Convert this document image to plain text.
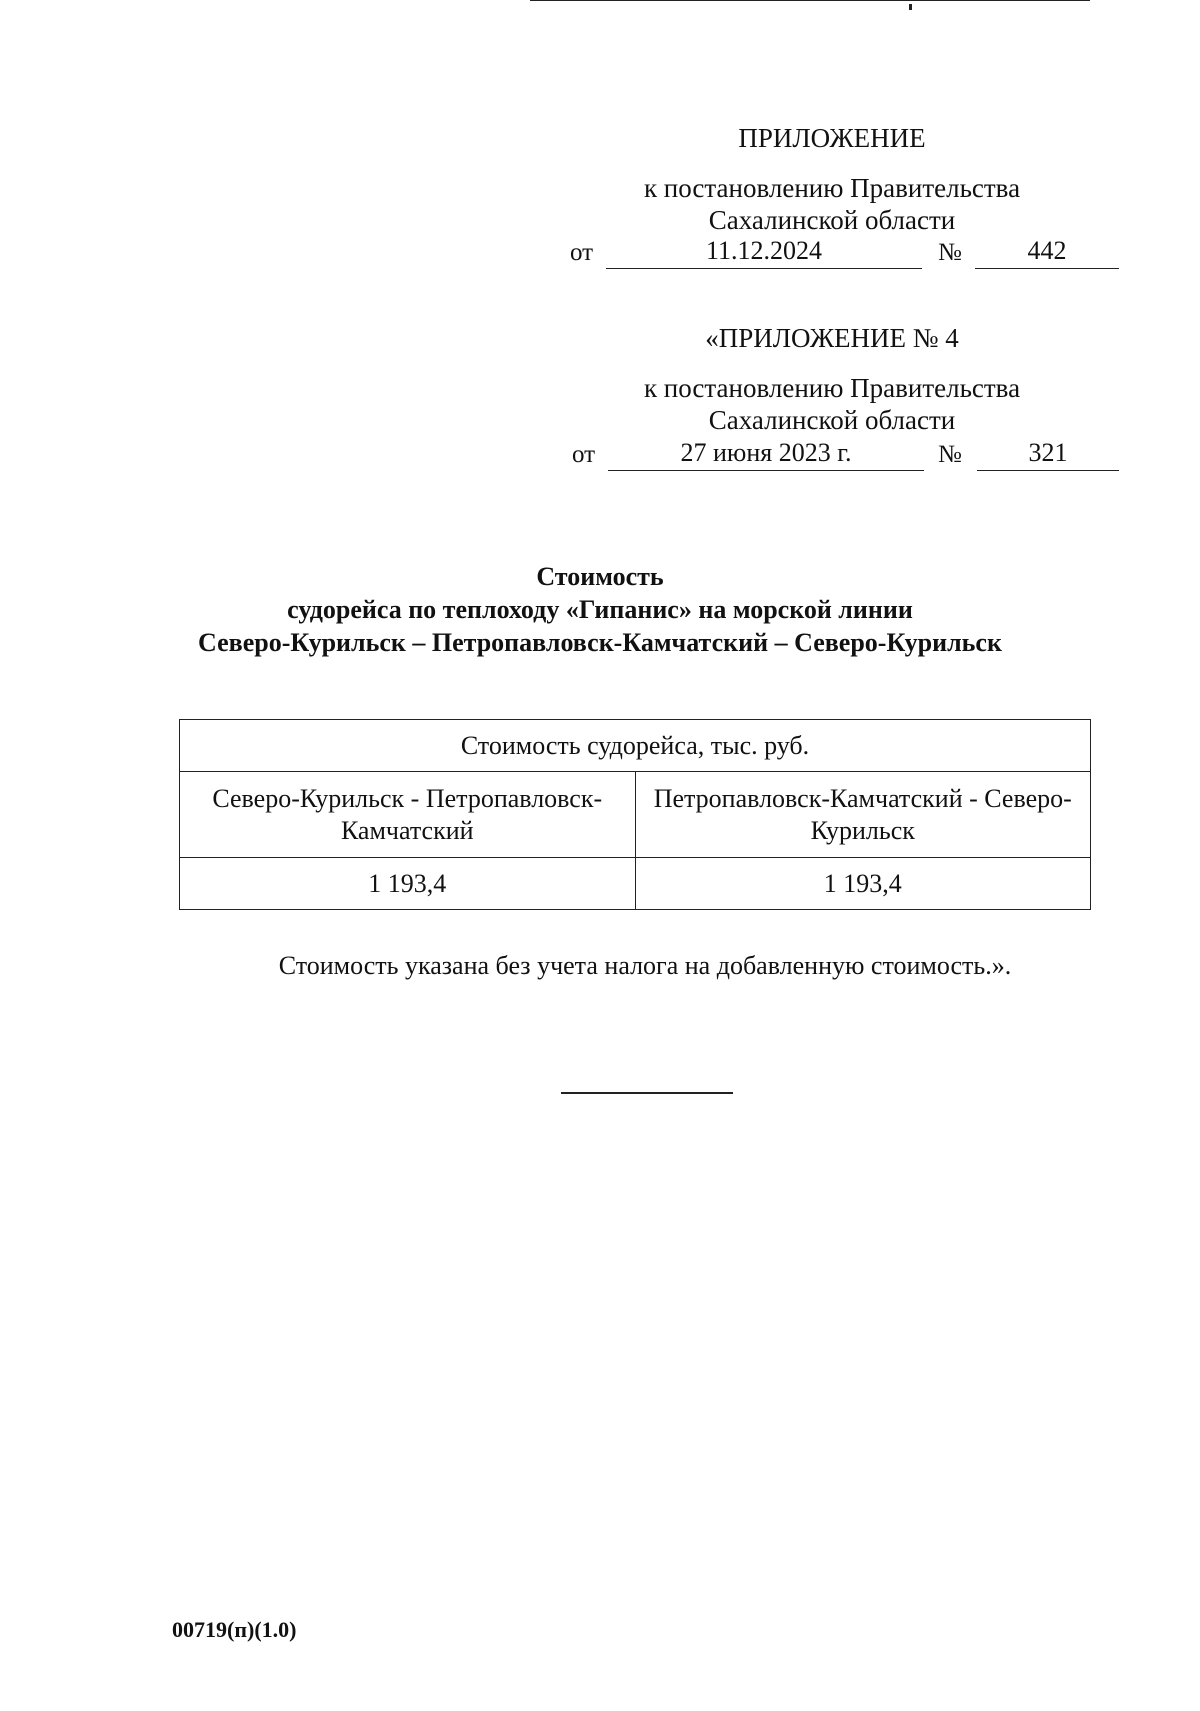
ПРИЛОЖЕНИЕ
к постановлению Правительства
Сахалинской области
от	11.12.2024	№	442
«ПРИЛОЖЕНИЕ № 4
к постановлению Правительства
Сахалинской области
от	27 июня 2023 г.	№	321
Стоимость
судорейса по теплоходу «Гипанис» на морской линии
Северо-Курильск – Петропавловск-Камчатский – Северо-Курильск
Стоимость судорейса, тыс. руб.	
Северо-Курильск - Петропавловск-Камчатский	Петропавловск-Камчатский - Северо-Курильск
1 193,4	1 193,4
Стоимость указана без учета налога на добавленную стоимость.».
00719(п)(1.0)
